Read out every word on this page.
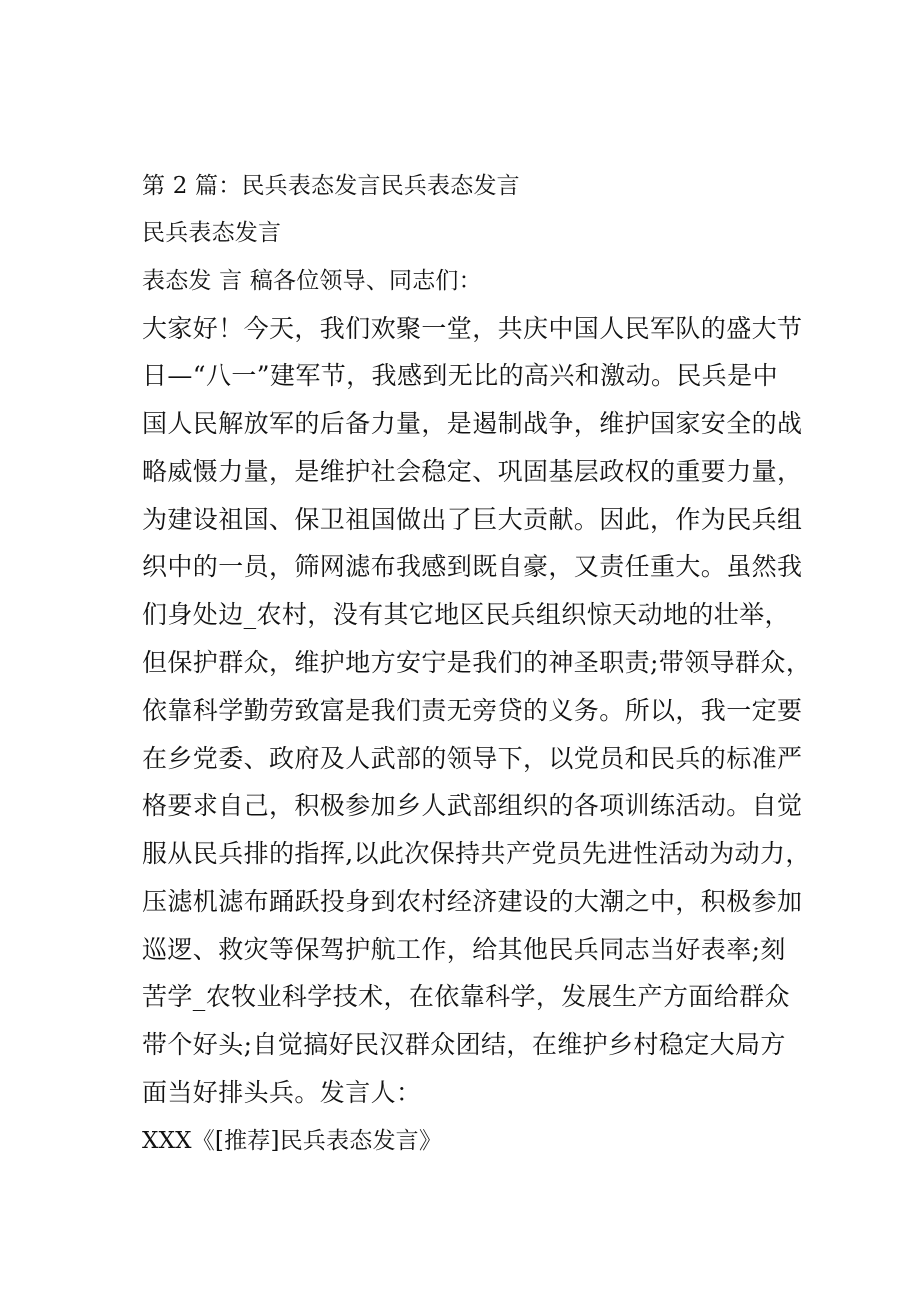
第 2 篇：民兵表态发言民兵表态发言
民兵表态发言
表态发 言 稿各位领导、同志们：
大家好！今天，我们欢聚一堂，共庆中国人民军队的盛大节
日—“八一”建军节，我感到无比的高兴和激动。民兵是中
国人民解放军的后备力量，是遏制战争，维护国家安全的战
略威慑力量，是维护社会稳定、巩固基层政权的重要力量，
为建设祖国、保卫祖国做出了巨大贡献。因此，作为民兵组
织中的一员，筛网滤布我感到既自豪，又责任重大。虽然我
们身处边_农村，没有其它地区民兵组织惊天动地的壮举，
但保护群众，维护地方安宁是我们的神圣职责;带领导群众，
依靠科学勤劳致富是我们责无旁贷的义务。所以，我一定要
在乡党委、政府及人武部的领导下，以党员和民兵的标准严
格要求自己，积极参加乡人武部组织的各项训练活动。自觉
服从民兵排的指挥,以此次保持共产党员先进性活动为动力，
压滤机滤布踊跃投身到农村经济建设的大潮之中，积极参加
巡逻、救灾等保驾护航工作，给其他民兵同志当好表率;刻
苦学_农牧业科学技术，在依靠科学，发展生产方面给群众
带个好头;自觉搞好民汉群众团结，在维护乡村稳定大局方
面当好排头兵。发言人：
XXX《[推荐]民兵表态发言》
